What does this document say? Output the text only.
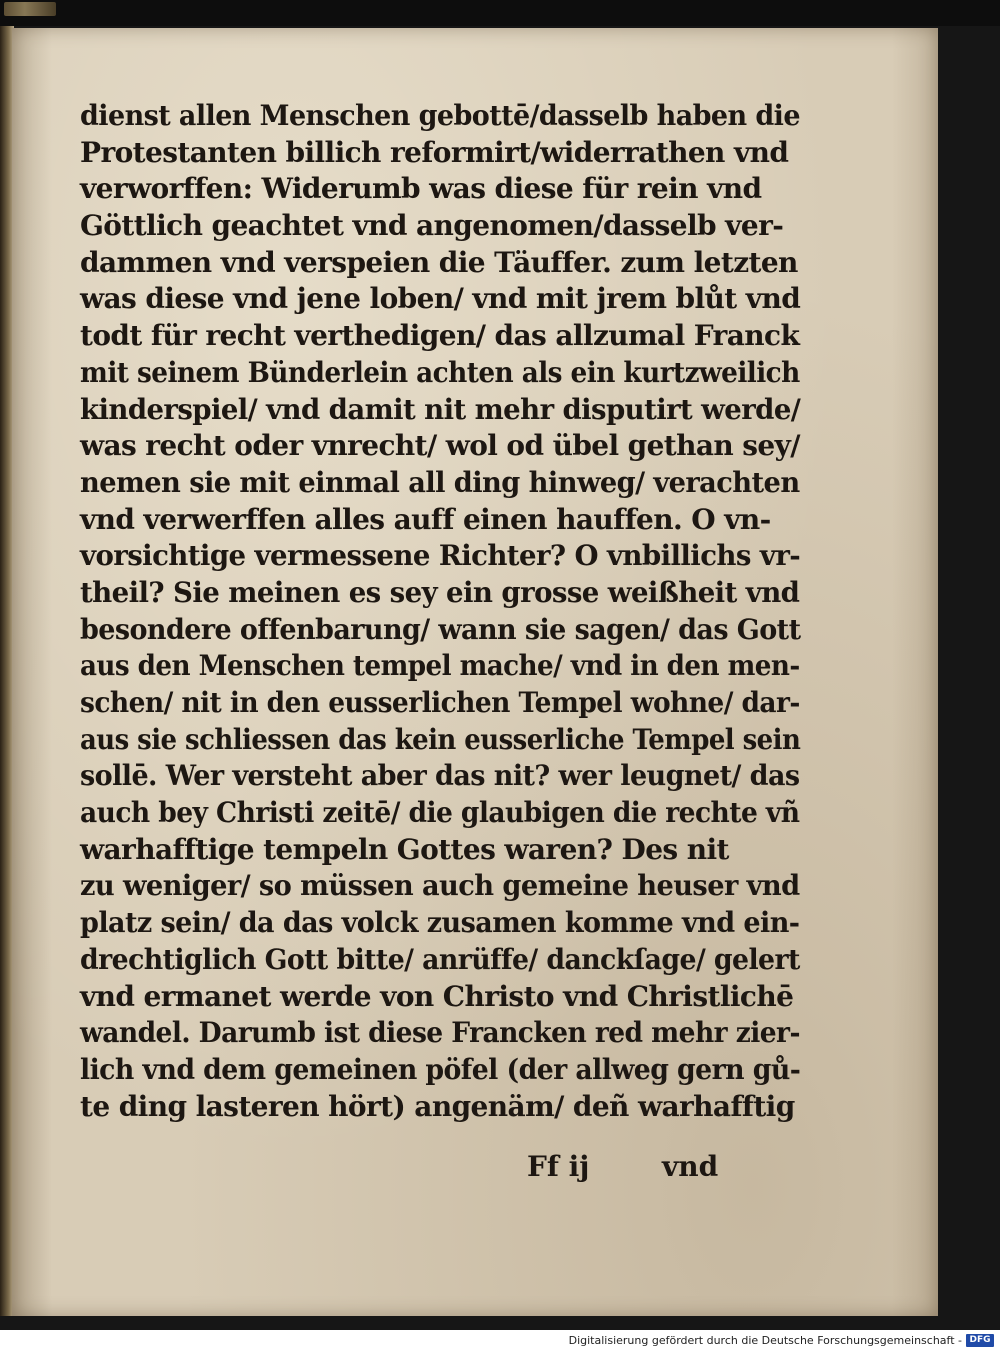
dienst allen Menschen gebottē/dasselb haben die
Protestanten billich reformirt/widerrathen vnd
verworffen: Widerumb was diese für rein vnd
Göttlich geachtet vnd angenomen/dasselb ver-
dammen vnd verspeien die Täuffer. zum letzten
was diese vnd jene loben/ vnd mit jrem blůt vnd
todt für recht verthedigen/ das allzumal Franck
mit seinem Bünderlein achten als ein kurtzweilich
kinderspiel/ vnd damit nit mehr disputirt werde/
was recht oder vnrecht/ wol od übel gethan sey/
nemen sie mit einmal all ding hinweg/ verachten
vnd verwerffen alles auff einen hauffen. O vn-
vorsichtige vermessene Richter? O vnbillichs vr-
theil? Sie meinen es sey ein grosse weißheit vnd
besondere offenbarung/ wann sie sagen/ das Gott
aus den Menschen tempel mache/ vnd in den men-
schen/ nit in den eusserlichen Tempel wohne/ dar-
aus sie schliessen das kein eusserliche Tempel sein
sollē. Wer versteht aber das nit? wer leugnet/ das
auch bey Christi zeitē/ die glaubigen die rechte vñ
warhafftige tempeln Gottes waren? Des nit
zu weniger/ so müssen auch gemeine heuser vnd
platz sein/ da das volck zusamen komme vnd ein-
drechtiglich Gott bitte/ anrüffe/ danckſage/ gelert
vnd ermanet werde von Christo vnd Christlichē
wandel. Darumb ist diese Francken red mehr zier-
lich vnd dem gemeinen pöfel (der allweg gern gů-
te ding lasteren hört) angenäm/ deñ warhafftig
Ff ij	vnd
Digitalisierung gefördert durch die Deutsche Forschungsgemeinschaft - DFG
